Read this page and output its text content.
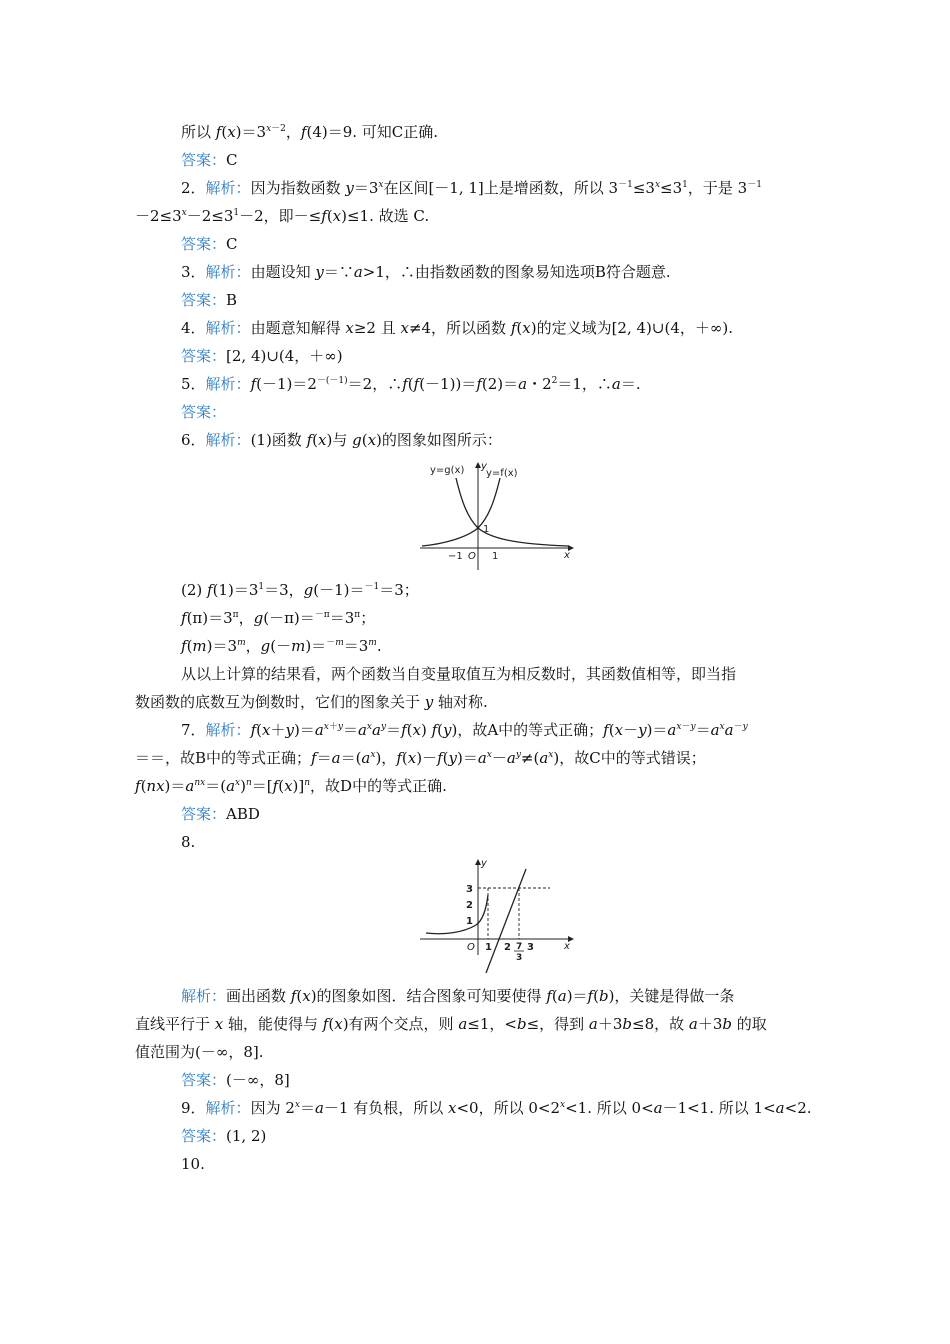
所以 $f(x)=3^{x-2}$，f(4)＝9. 可知C正确.
答案：C
2．解析：因为指数函数 $y=3^x$在区间[－1, 1]上是增函数，所以 $3^{-1}\le 3^x\le 3^1$，于是 $3^{-1}$
$-2\le 3^x-2\le 3^1-2$，即－≤f(x)≤1. 故选 C.
答案：C
3．解析：由题设知 y＝∵a>1，∴由指数函数的图象易知选项B符合题意.
答案：B
4．解析：由题意知解得 x≥2 且 x≠4，所以函数 f(x)的定义域为[2, 4)∪(4，＋∞).
答案：[2, 4)∪(4，＋∞)
5．解析：$f(-1)=2^{-(-1)}=2$，∴f(f(－1))＝f(2)＝a・$2^2=1$，∴a＝.
答案：
6．解析：(1)函数 f(x)与 g(x)的图象如图所示：
y=g(x) y=f(x)
y
x
O
−1	1
1
(2) $f(1)=3^1=3$，g(－1)＝$^{-1}$＝3；
$f(\pi)=3^\pi$，$g(-\pi)=^{-\pi}=3^\pi$；
$f(m)=3^m$，$g(-m)=^{-m}=3^m$.
从以上计算的结果看，两个函数当自变量取值互为相反数时，其函数值相等，即当指
数函数的底数互为倒数时，它们的图象关于 y 轴对称.
7．解析：$f(x+y)=a^{x+y}=a^xa^y=f(x)$ f(y)，故A中的等式正确；$f(x-y)=a^{x-y}=a^xa^{-y}$
＝＝，故B中的等式正确；$f=a=(a^x)$，$f(x)-f(y)=a^x-a^y\ne(a^x)$，故C中的等式错误；
$f(nx)=a^{nx}=(a^x)^n=[f(x)]^n$，故D中的等式正确.
答案：ABD
8.
y
x
O
3
2
1
1 2 7
3
3
解析：画出函数 f(x)的图象如图．结合图象可知要使得 f(a)＝f(b)，关键是得做一条
直线平行于 x 轴，能使得与 f(x)有两个交点，则 a≤1，<b≤，得到 a＋3b≤8，故 a＋3b 的取
值范围为(－∞，8].
答案：(－∞，8]
9．解析：因为 $2^x=a-1$ 有负根，所以 x<0，所以 $0<2^x<1$. 所以 0<a－1<1. 所以 1<a<2.
答案：(1, 2)
10.
